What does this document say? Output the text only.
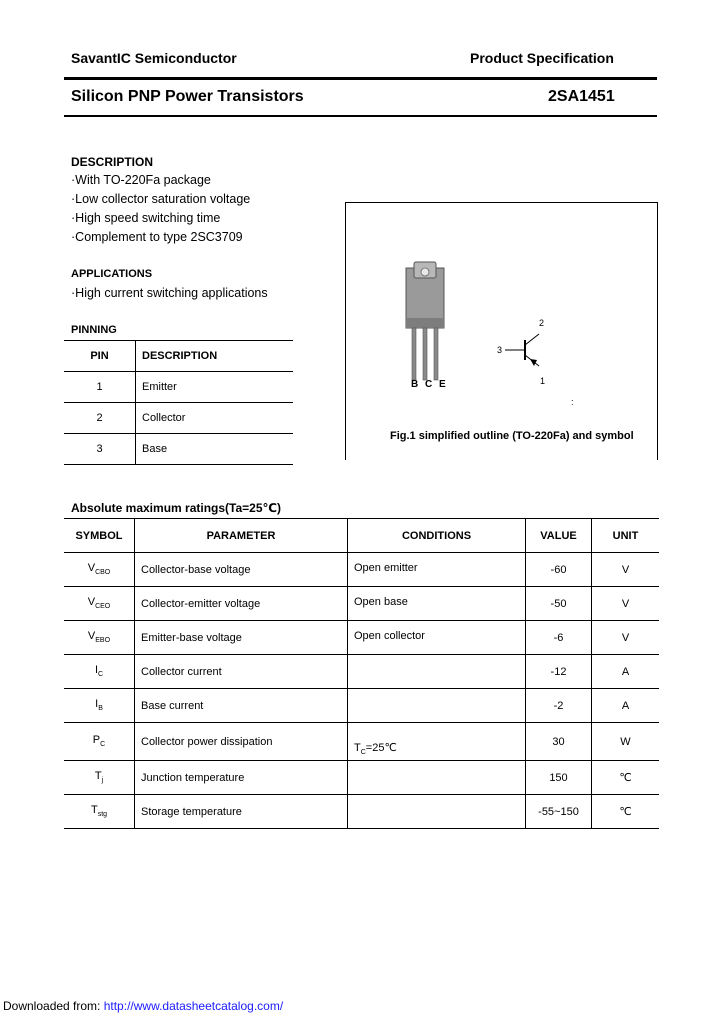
SavantIC Semiconductor	Product Specification
Silicon PNP Power Transistors	2SA1451
DESCRIPTION
·With TO-220Fa package
·Low collector saturation voltage
·High speed switching time
·Complement to type 2SC3709
APPLICATIONS
·High current switching applications
PINNING
PIN	DESCRIPTION
1	Emitter
2	Collector
3	Base
B C E
2
3
1
:
Fig.1 simplified outline (TO-220Fa) and symbol
Absolute maximum ratings(Ta=25℃)
SYMBOL	PARAMETER	CONDITIONS	VALUE	UNIT
$V_{CBO}$	Collector-base voltage	Open emitter	-60	V
$V_{CEO}$	Collector-emitter voltage	Open base	-50	V
$V_{EBO}$	Emitter-base voltage	Open collector	-6	V
$I_C$	Collector current		-12	A
$I_B$	Base current		-2	A
$P_C$	Collector power dissipation	$T_C=25℃$	30	W
$T_j$	Junction temperature		150	℃
$T_{stg}$	Storage temperature		-55~150	℃
Downloaded from: http://www.datasheetcatalog.com/
